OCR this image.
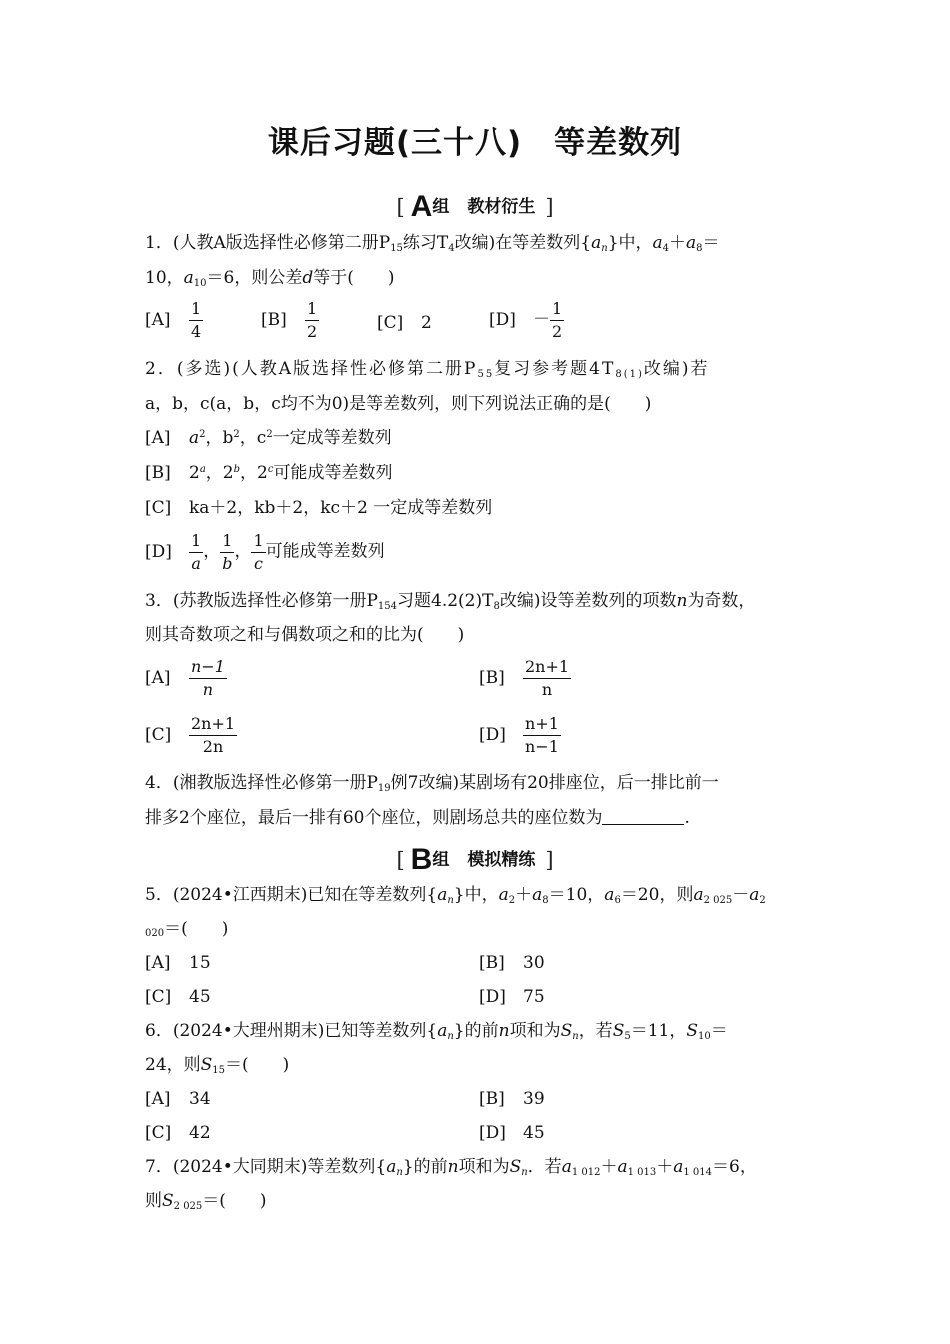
课后习题(三十八)　等差数列
[ A组 教材衍生 ]
1．(人教A版选择性必修第二册$P_{15}$练习$T_4$改编)在等差数列$\{a_n\}$中，$a_4+a_8=$
10，$a_{10}=6$，则公差d等于(　　)
$[A] \frac{1}{4}$	$[B] \frac{1}{2}$	[C] 2	$[D] - \frac{1}{2}$
2．(多选)(人教A版选择性必修第二册$P_{55}$复习参考题$4T_{8(1)}$改编)若
a，b，c(a，b，c均不为0)是等差数列，则下列说法正确的是(　　)
[A] $a^2$，$b^2$，$c^2$一定成等差数列
[B] 2$^a$，2$^b$，2$^c$可能成等差数列
[C] ka＋2，kb＋2，kc＋2 一定成等差数列
$[D] \frac{1}{a}$ ， $\frac{1}{b}$ ， $\frac{1}{c}$ 可能成等差数列
3．(苏教版选择性必修第一册$P_{154}$习题$4.2(2)T_8$改编)设等差数列的项数n为奇数，
则其奇数项之和与偶数项之和的比为(　　)
$[A] \frac{n-1}{n}$	$[B] \frac{2n+1}{n}$
$[C] \frac{2n+1}{2n}$	$[D] \frac{n+1}{n-1}$
4．(湘教版选择性必修第一册$P_{19}$例7改编)某剧场有20排座位，后一排比前一
排多2个座位，最后一排有60个座位，则剧场总共的座位数为	.
[ B组 模拟精练 ]
5．(2024•江西期末)已知在等差数列$\{a_n\}$中，$a_2+a_8=10$，$a_6=20$，则$a_{2 025}-a_2$
$_{020}$＝(　　)
[A] 15	[B] 30
[C] 45	[D] 75
6．(2024•大理州期末)已知等差数列$\{a_n\}$的前n项和为$S_n$，若$S_5=11$，$S_{10}=$
24，则$S_{15}=$(　　)
[A] 34	[B] 39
[C] 42	[D] 45
7．(2024•大同期末)等差数列$\{a_n\}$的前n项和为$S_n$．若$a_{1 012}+a_{1 013}+a_{1 014}=6$，
则$S_{2 025}=$(　　)
